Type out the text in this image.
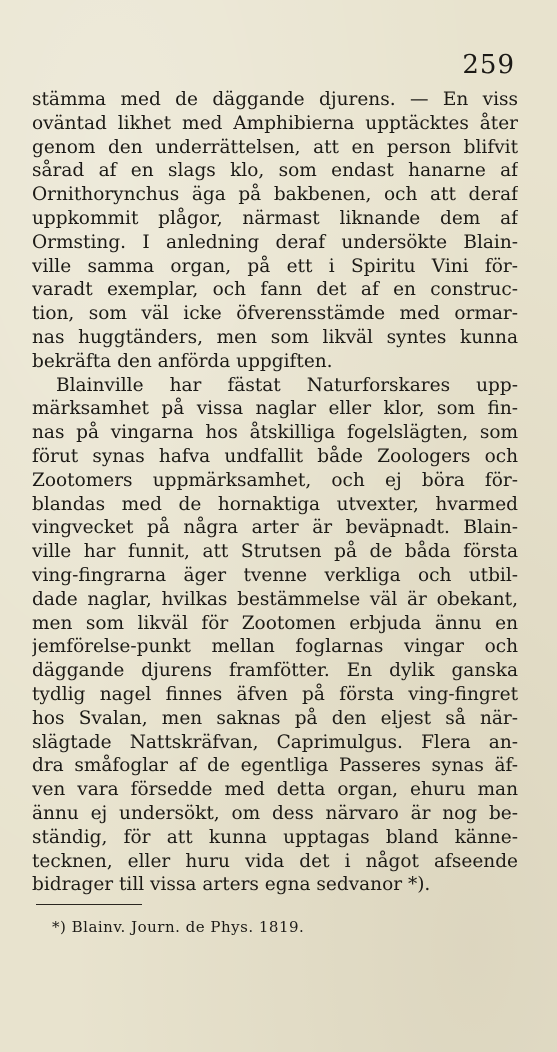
259
stämma med de däggande djurens. — En viss
oväntad likhet med Amphibierna upptäcktes åter
genom den underrättelsen, att en person blifvit
sårad af en slags klo, som endast hanarne af
Ornithorynchus äga på bakbenen, och att deraf
uppkommit plågor, närmast liknande dem af
Ormsting. I anledning deraf undersökte Blain-
ville samma organ, på ett i Spiritu Vini för-
varadt exemplar, och fann det af en construc-
tion, som väl icke öfverensstämde med ormar-
nas huggtänders, men som likväl syntes kunna
bekräfta den anförda uppgiften.
Blainville har fästat Naturforskares upp-
märksamhet på vissa naglar eller klor, som fin-
nas på vingarna hos åtskilliga fogelslägten, som
förut synas hafva undfallit både Zoologers och
Zootomers uppmärksamhet, och ej böra för-
blandas med de hornaktiga utvexter, hvarmed
vingvecket på några arter är beväpnadt. Blain-
ville har funnit, att Strutsen på de båda första
ving-fingrarna äger tvenne verkliga och utbil-
dade naglar, hvilkas bestämmelse väl är obekant,
men som likväl för Zootomen erbjuda ännu en
jemförelse-punkt mellan foglarnas vingar och
däggande djurens framfötter. En dylik ganska
tydlig nagel finnes äfven på första ving-fingret
hos Svalan, men saknas på den eljest så när-
slägtade Nattskräfvan, Caprimulgus. Flera an-
dra småfoglar af de egentliga Passeres synas äf-
ven vara försedde med detta organ, ehuru man
ännu ej undersökt, om dess närvaro är nog be-
ständig, för att kunna upptagas bland känne-
tecknen, eller huru vida det i något afseende
bidrager till vissa arters egna sedvanor *).
*) Blainv. Journ. de Phys. 1819.
